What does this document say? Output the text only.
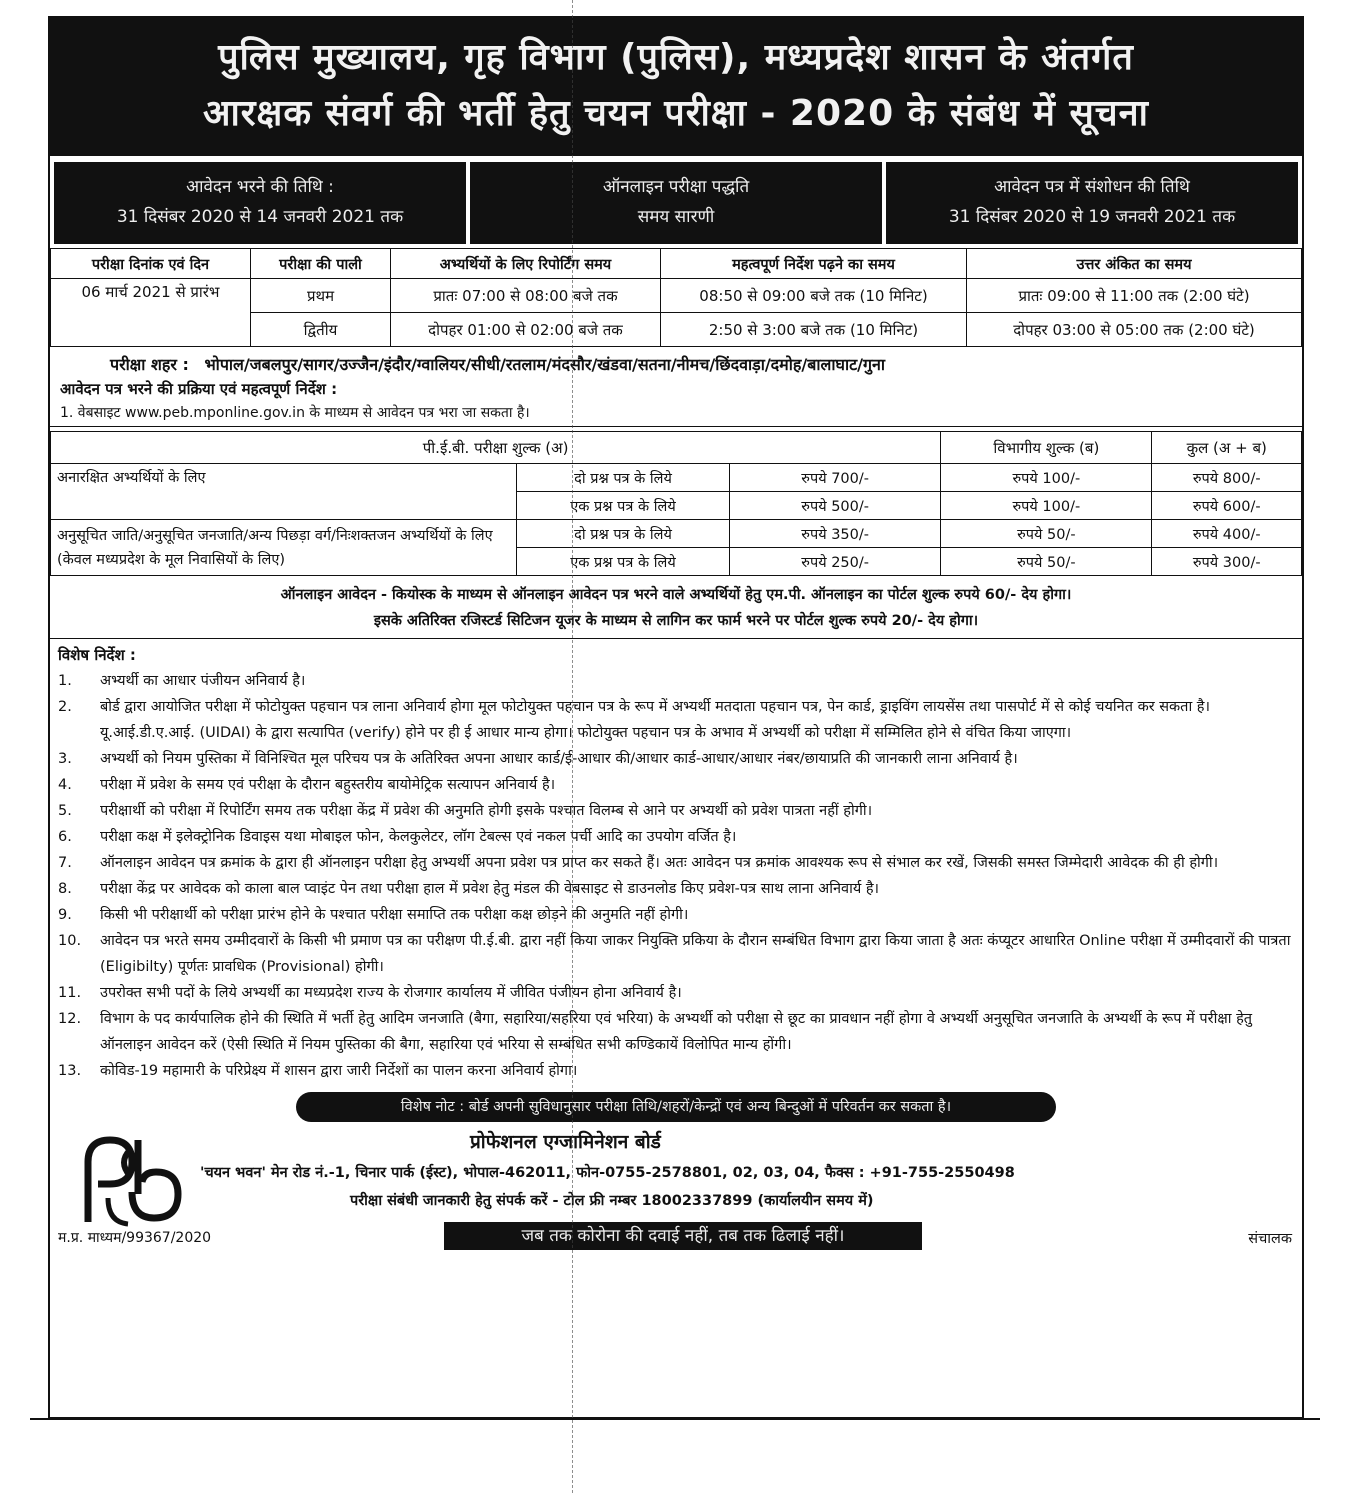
पुलिस मुख्यालय, गृह विभाग (पुलिस), मध्यप्रदेश शासन के अंतर्गत
आरक्षक संवर्ग की भर्ती हेतु चयन परीक्षा - 2020 के संबंध में सूचना
आवेदन भरने की तिथि :
31 दिसंबर 2020 से 14 जनवरी 2021 तक
ऑनलाइन परीक्षा पद्धति
समय सारणी
आवेदन पत्र में संशोधन की तिथि
31 दिसंबर 2020 से 19 जनवरी 2021 तक
परीक्षा दिनांक एवं दिन	परीक्षा की पाली	अभ्यर्थियों के लिए रिपोर्टिंग समय	महत्वपूर्ण निर्देश पढ़ने का समय	उत्तर अंकित का समय
06 मार्च 2021 से प्रारंभ	प्रथम	प्रातः 07:00 से 08:00 बजे तक	08:50 से 09:00 बजे तक (10 मिनिट)	प्रातः 09:00 से 11:00 तक (2:00 घंटे)
	द्वितीय	दोपहर 01:00 से 02:00 बजे तक	2:50 से 3:00 बजे तक (10 मिनिट)	दोपहर 03:00 से 05:00 तक (2:00 घंटे)
परीक्षा शहर : भोपाल/जबलपुर/सागर/उज्जैन/इंदौर/ग्वालियर/सीधी/रतलाम/मंदसौर/खंडवा/सतना/नीमच/छिंदवाड़ा/दमोह/बालाघाट/गुना
आवेदन पत्र भरने की प्रक्रिया एवं महत्वपूर्ण निर्देश :
1. वेबसाइट www.peb.mponline.gov.in के माध्यम से आवेदन पत्र भरा जा सकता है।
पी.ई.बी. परीक्षा शुल्क (अ)			विभागीय शुल्क (ब)	कुल (अ + ब)
अनारक्षित अभ्यर्थियों के लिए	दो प्रश्न पत्र के लिये	रुपये 700/-	रुपये 100/-	रुपये 800/-
	एक प्रश्न पत्र के लिये	रुपये 500/-	रुपये 100/-	रुपये 600/-
अनुसूचित जाति/अनुसूचित जनजाति/अन्य पिछड़ा वर्ग/निःशक्तजन अभ्यर्थियों के लिए (केवल मध्यप्रदेश के मूल निवासियों के लिए)	दो प्रश्न पत्र के लिये	रुपये 350/-	रुपये 50/-	रुपये 400/-
	एक प्रश्न पत्र के लिये	रुपये 250/-	रुपये 50/-	रुपये 300/-
ऑनलाइन आवेदन - कियोस्क के माध्यम से ऑनलाइन आवेदन पत्र भरने वाले अभ्यर्थियों हेतु एम.पी. ऑनलाइन का पोर्टल शुल्क रुपये 60/- देय होगा।
इसके अतिरिक्त रजिस्टर्ड सिटिजन यूजर के माध्यम से लागिन कर फार्म भरने पर पोर्टल शुल्क रुपये 20/- देय होगा।
विशेष निर्देश :
1.	अभ्यर्थी का आधार पंजीयन अनिवार्य है।
2.	बोर्ड द्वारा आयोजित परीक्षा में फोटोयुक्त पहचान पत्र लाना अनिवार्य होगा मूल फोटोयुक्त पहचान पत्र के रूप में अभ्यर्थी मतदाता पहचान पत्र, पेन कार्ड, ड्राइविंग लायसेंस तथा पासपोर्ट में से कोई चयनित कर सकता है। यू.आई.डी.ए.आई. (UIDAI) के द्वारा सत्यापित (verify) होने पर ही ई आधार मान्य होगा। फोटोयुक्त पहचान पत्र के अभाव में अभ्यर्थी को परीक्षा में सम्मिलित होने से वंचित किया जाएगा।
3.	अभ्यर्थी को नियम पुस्तिका में विनिश्चित मूल परिचय पत्र के अतिरिक्त अपना आधार कार्ड/ई-आधार की/आधार कार्ड-आधार/आधार नंबर/छायाप्रति की जानकारी लाना अनिवार्य है।
4.	परीक्षा में प्रवेश के समय एवं परीक्षा के दौरान बहुस्तरीय बायोमेट्रिक सत्यापन अनिवार्य है।
5.	परीक्षार्थी को परीक्षा में रिपोर्टिंग समय तक परीक्षा केंद्र में प्रवेश की अनुमति होगी इसके पश्चात विलम्ब से आने पर अभ्यर्थी को प्रवेश पात्रता नहीं होगी।
6.	परीक्षा कक्ष में इलेक्ट्रोनिक डिवाइस यथा मोबाइल फोन, केलकुलेटर, लॉग टेबल्स एवं नकल पर्ची आदि का उपयोग वर्जित है।
7.	ऑनलाइन आवेदन पत्र क्रमांक के द्वारा ही ऑनलाइन परीक्षा हेतु अभ्यर्थी अपना प्रवेश पत्र प्राप्त कर सकते हैं। अतः आवेदन पत्र क्रमांक आवश्यक रूप से संभाल कर रखें, जिसकी समस्त जिम्मेदारी आवेदक की ही होगी।
8.	परीक्षा केंद्र पर आवेदक को काला बाल प्वाइंट पेन तथा परीक्षा हाल में प्रवेश हेतु मंडल की वेबसाइट से डाउनलोड किए प्रवेश-पत्र साथ लाना अनिवार्य है।
9.	किसी भी परीक्षार्थी को परीक्षा प्रारंभ होने के पश्चात परीक्षा समाप्ति तक परीक्षा कक्ष छोड़ने की अनुमति नहीं होगी।
10.	आवेदन पत्र भरते समय उम्मीदवारों के किसी भी प्रमाण पत्र का परीक्षण पी.ई.बी. द्वारा नहीं किया जाकर नियुक्ति प्रकिया के दौरान सम्बंधित विभाग द्वारा किया जाता है अतः कंप्यूटर आधारित Online परीक्षा में उम्मीदवारों की पात्रता (Eligibilty) पूर्णतः प्रावधिक (Provisional) होगी।
11.	उपरोक्त सभी पदों के लिये अभ्यर्थी का मध्यप्रदेश राज्य के रोजगार कार्यालय में जीवित पंजीयन होना अनिवार्य है।
12.	विभाग के पद कार्यपालिक होने की स्थिति में भर्ती हेतु आदिम जनजाति (बैगा, सहारिया/सहरिया एवं भरिया) के अभ्यर्थी को परीक्षा से छूट का प्रावधान नहीं होगा वे अभ्यर्थी अनुसूचित जनजाति के अभ्यर्थी के रूप में परीक्षा हेतु ऑनलाइन आवेदन करें (ऐसी स्थिति में नियम पुस्तिका की बैगा, सहारिया एवं भरिया से सम्बंधित सभी कण्डिकायें विलोपित मान्य होंगी।
13.	कोविड-19 महामारी के परिप्रेक्ष्य में शासन द्वारा जारी निर्देशों का पालन करना अनिवार्य होगा।
विशेष नोट : बोर्ड अपनी सुविधानुसार परीक्षा तिथि/शहरों/केन्द्रों एवं अन्य बिन्दुओं में परिवर्तन कर सकता है।
प्रोफेशनल एग्जामिनेशन बोर्ड
'चयन भवन' मेन रोड नं.-1, चिनार पार्क (ईस्ट), भोपाल-462011, फोन-0755-2578801, 02, 03, 04, फैक्स : +91-755-2550498
परीक्षा संबंधी जानकारी हेतु संपर्क करें - टोल फ्री नम्बर 18002337899 (कार्यालयीन समय में)
म.प्र. माध्यम/99367/2020	जब तक कोरोना की दवाई नहीं, तब तक ढिलाई नहीं।	संचालक
